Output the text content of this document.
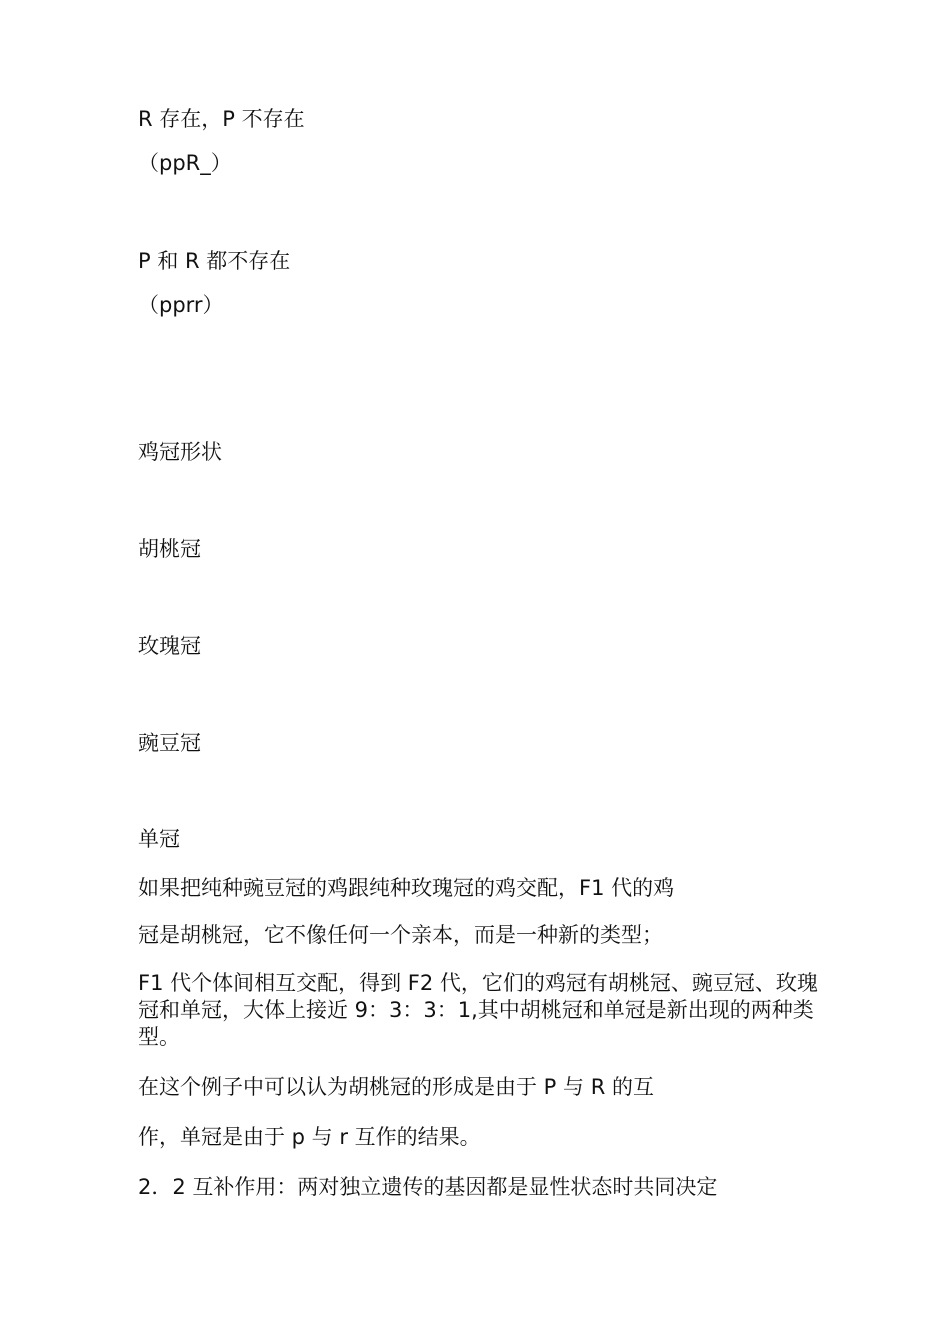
R 存在，P 不存在

（ppR_）

P 和 R 都不存在

（pprr）

鸡冠形状

胡桃冠

玫瑰冠

豌豆冠

单冠

如果把纯种豌豆冠的鸡跟纯种玫瑰冠的鸡交配，F1 代的鸡

冠是胡桃冠，它不像任何一个亲本，而是一种新的类型；

F1 代个体间相互交配，得到 F2 代，它们的鸡冠有胡桃冠、豌豆冠、玫瑰冠和单冠，大体上接近 9：3：3：1,其中胡桃冠和单冠是新出现的两种类型。

在这个例子中可以认为胡桃冠的形成是由于 P 与 R 的互

作，单冠是由于 p 与 r 互作的结果。

2．2 互补作用：两对独立遗传的基因都是显性状态时共同决定
